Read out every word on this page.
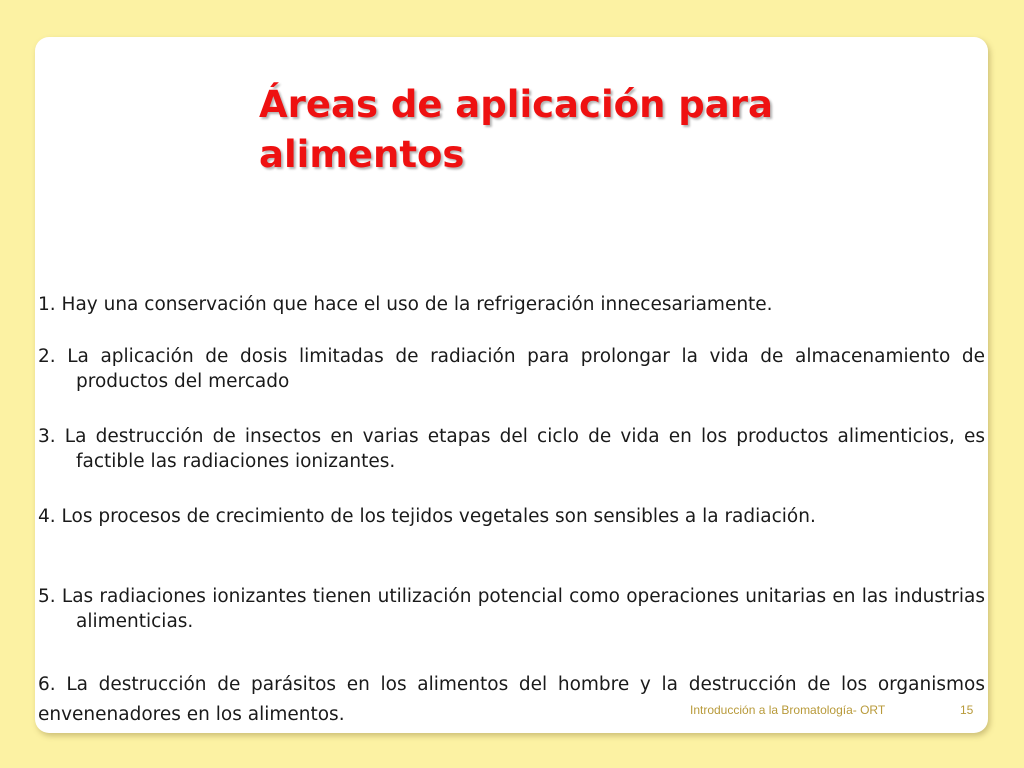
Áreas de aplicación para alimentos

1. Hay una conservación que hace el uso de la refrigeración innecesariamente.

2. La aplicación de dosis limitadas de radiación para prolongar la vida de almacenamiento de productos del mercado

3. La destrucción de insectos en varias etapas del ciclo de vida en los productos alimenticios, es factible las radiaciones ionizantes.

4. Los procesos de crecimiento de los tejidos vegetales son sensibles a la radiación.

5. Las radiaciones ionizantes tienen utilización potencial como operaciones unitarias en las industrias alimenticias.

6. La destrucción de parásitos en los alimentos del hombre y la destrucción de los organismos envenenadores en los alimentos.	Introducción a la Bromatología- ORT	15
